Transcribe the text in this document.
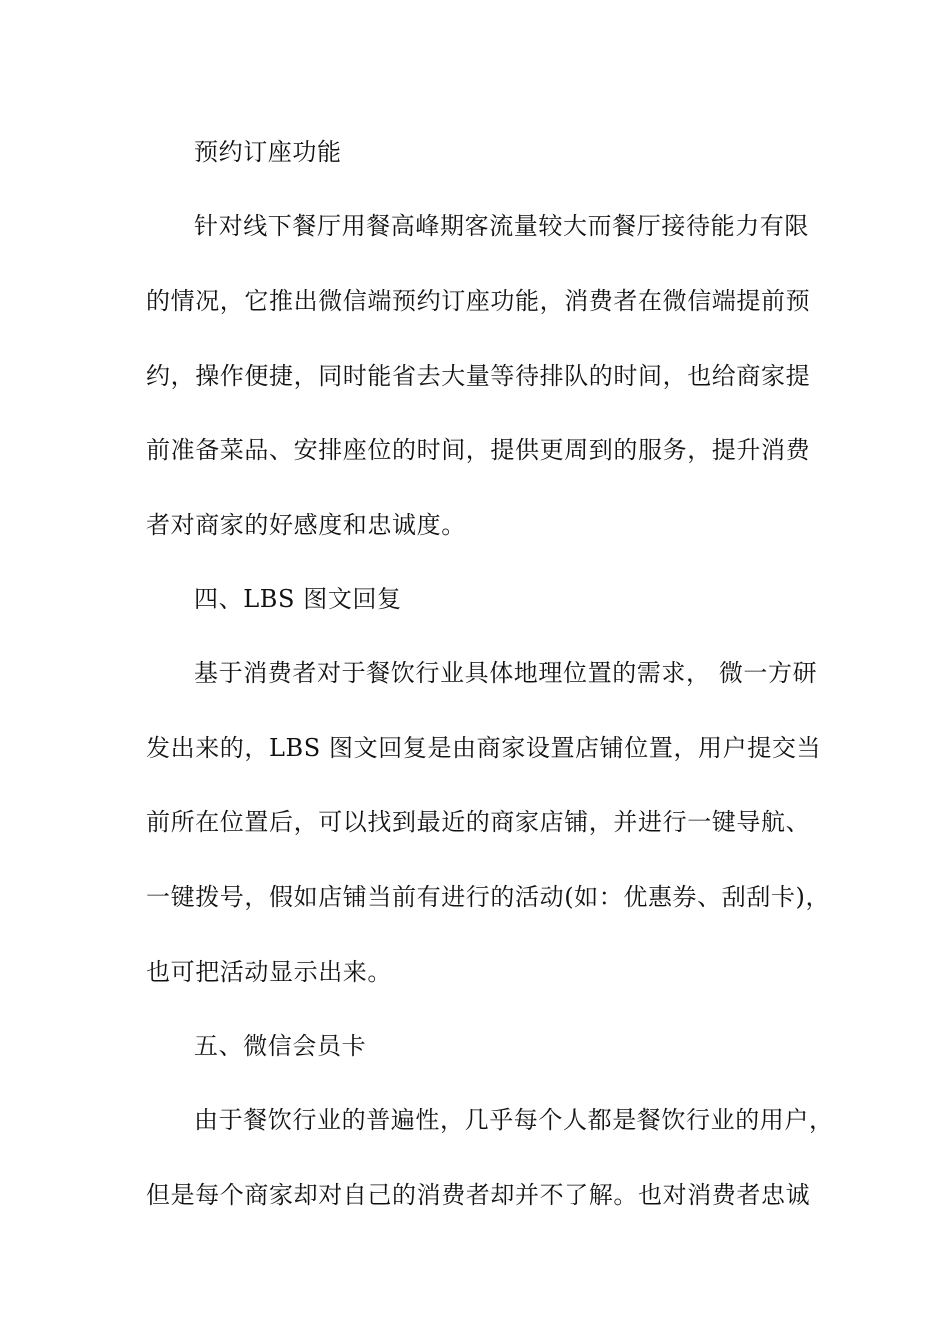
预约订座功能
针对线下餐厅用餐高峰期客流量较大而餐厅接待能力有限
的情况，它推出微信端预约订座功能，消费者在微信端提前预
约，操作便捷，同时能省去大量等待排队的时间，也给商家提
前准备菜品、安排座位的时间，提供更周到的服务，提升消费
者对商家的好感度和忠诚度。
四、LBS 图文回复
基于消费者对于餐饮行业具体地理位置的需求， 微一方研
发出来的，LBS 图文回复是由商家设置店铺位置，用户提交当
前所在位置后，可以找到最近的商家店铺，并进行一键导航、
一键拨号，假如店铺当前有进行的活动(如：优惠券、刮刮卡)，
也可把活动显示出来。
五、微信会员卡
由于餐饮行业的普遍性，几乎每个人都是餐饮行业的用户，
但是每个商家却对自己的消费者却并不了解。也对消费者忠诚
